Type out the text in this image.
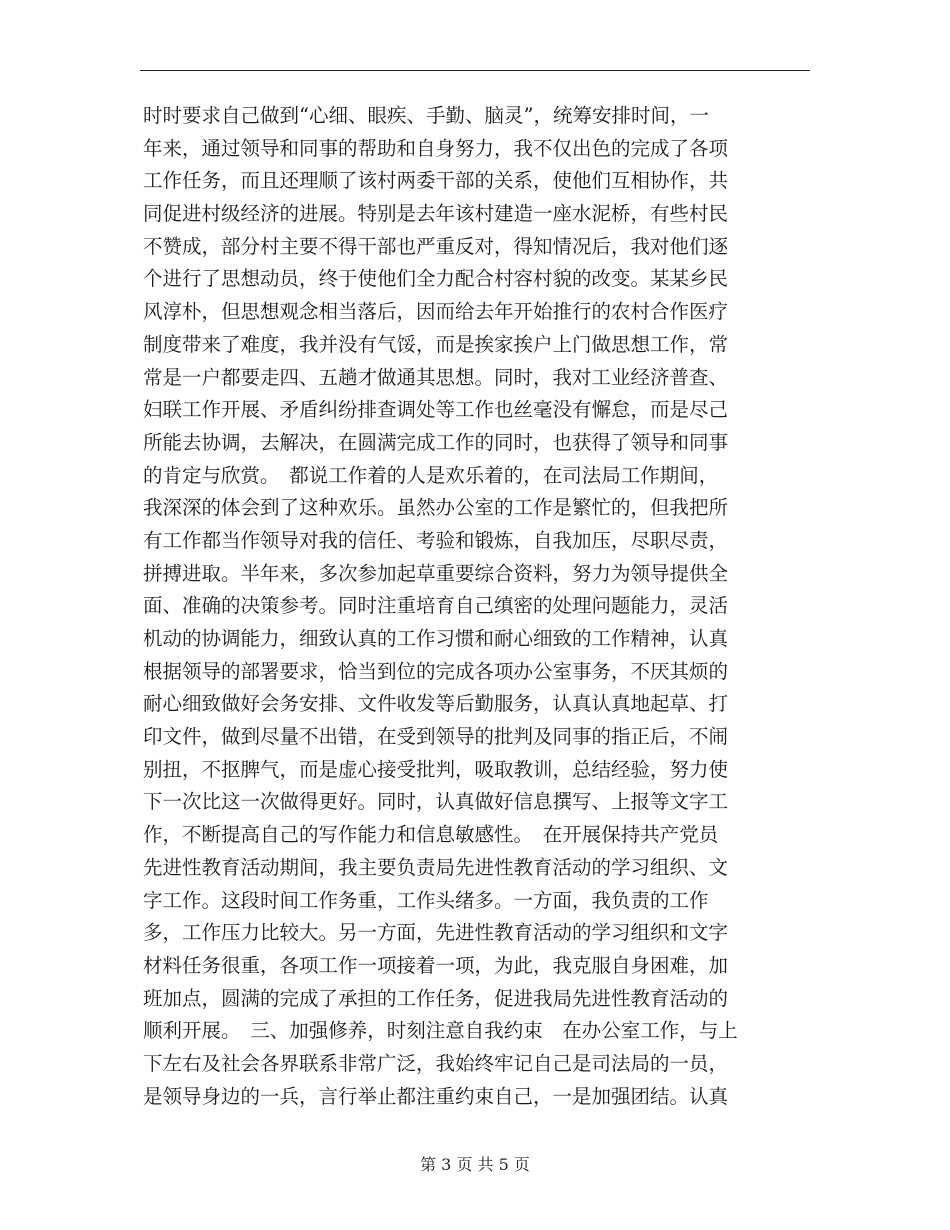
时时要求自己做到“心细、眼疾、手勤、脑灵”，统筹安排时间，一
年来，通过领导和同事的帮助和自身努力，我不仅出色的完成了各项
工作任务，而且还理顺了该村两委干部的关系，使他们互相协作，共
同促进村级经济的进展。特别是去年该村建造一座水泥桥，有些村民
不赞成，部分村主要不得干部也严重反对，得知情况后，我对他们逐
个进行了思想动员，终于使他们全力配合村容村貌的改变。某某乡民
风淳朴，但思想观念相当落后，因而给去年开始推行的农村合作医疗
制度带来了难度，我并没有气馁，而是挨家挨户上门做思想工作，常
常是一户都要走四、五趟才做通其思想。同时，我对工业经济普查、
妇联工作开展、矛盾纠纷排查调处等工作也丝毫没有懈怠，而是尽己
所能去协调，去解决，在圆满完成工作的同时，也获得了领导和同事
的肯定与欣赏。　都说工作着的人是欢乐着的，在司法局工作期间，
我深深的体会到了这种欢乐。虽然办公室的工作是繁忙的，但我把所
有工作都当作领导对我的信任、考验和锻炼，自我加压，尽职尽责，
拼搏进取。半年来，多次参加起草重要综合资料，努力为领导提供全
面、准确的决策参考。同时注重培育自己缜密的处理问题能力，灵活
机动的协调能力，细致认真的工作习惯和耐心细致的工作精神，认真
根据领导的部署要求，恰当到位的完成各项办公室事务，不厌其烦的
耐心细致做好会务安排、文件收发等后勤服务，认真认真地起草、打
印文件，做到尽量不出错，在受到领导的批判及同事的指正后，不闹
别扭，不抠脾气，而是虚心接受批判，吸取教训，总结经验，努力使
下一次比这一次做得更好。同时，认真做好信息撰写、上报等文字工
作，不断提高自己的写作能力和信息敏感性。　在开展保持共产党员
先进性教育活动期间，我主要负责局先进性教育活动的学习组织、文
字工作。这段时间工作务重，工作头绪多。一方面，我负责的工作
多，工作压力比较大。另一方面，先进性教育活动的学习组织和文字
材料任务很重，各项工作一项接着一项，为此，我克服自身困难，加
班加点，圆满的完成了承担的工作任务，促进我局先进性教育活动的
顺利开展。　三、加强修养，时刻注意自我约束　在办公室工作，与上
下左右及社会各界联系非常广泛，我始终牢记自己是司法局的一员，
是领导身边的一兵，言行举止都注重约束自己，一是加强团结。认真
第 3 页 共 5 页
